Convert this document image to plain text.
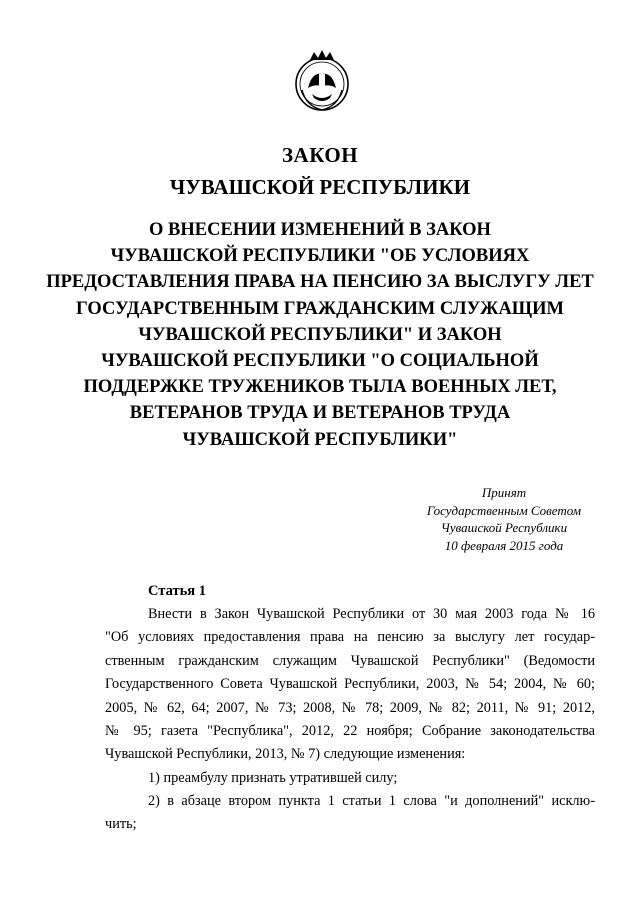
ЗАКОН
ЧУВАШСКОЙ РЕСПУБЛИКИ
О ВНЕСЕНИИ ИЗМЕНЕНИЙ В ЗАКОН
ЧУВАШСКОЙ РЕСПУБЛИКИ "ОБ УСЛОВИЯХ
ПРЕДОСТАВЛЕНИЯ ПРАВА НА ПЕНСИЮ ЗА ВЫСЛУГУ ЛЕТ
ГОСУДАРСТВЕННЫМ ГРАЖДАНСКИМ СЛУЖАЩИМ
ЧУВАШСКОЙ РЕСПУБЛИКИ" И ЗАКОН
ЧУВАШСКОЙ РЕСПУБЛИКИ "О СОЦИАЛЬНОЙ
ПОДДЕРЖКЕ ТРУЖЕНИКОВ ТЫЛА ВОЕННЫХ ЛЕТ,
ВЕТЕРАНОВ ТРУДА И ВЕТЕРАНОВ ТРУДА
ЧУВАШСКОЙ РЕСПУБЛИКИ"
Принят
Государственным Советом
Чувашской Республики
10 февраля 2015 года
Статья 1
Внести в Закон Чувашской Республики от 30 мая 2003 года № 16
"Об условиях предоставления права на пенсию за выслугу лет государ-
ственным гражданским служащим Чувашской Республики" (Ведомости
Государственного Совета Чувашской Республики, 2003, № 54; 2004, № 60;
2005, № 62, 64; 2007, № 73; 2008, № 78; 2009, № 82; 2011, № 91; 2012,
№ 95; газета "Республика", 2012, 22 ноября; Собрание законодательства
Чувашской Республики, 2013, № 7) следующие изменения:
1) преамбулу признать утратившей силу;
2) в абзаце втором пункта 1 статьи 1 слова "и дополнений" исклю-
чить;
